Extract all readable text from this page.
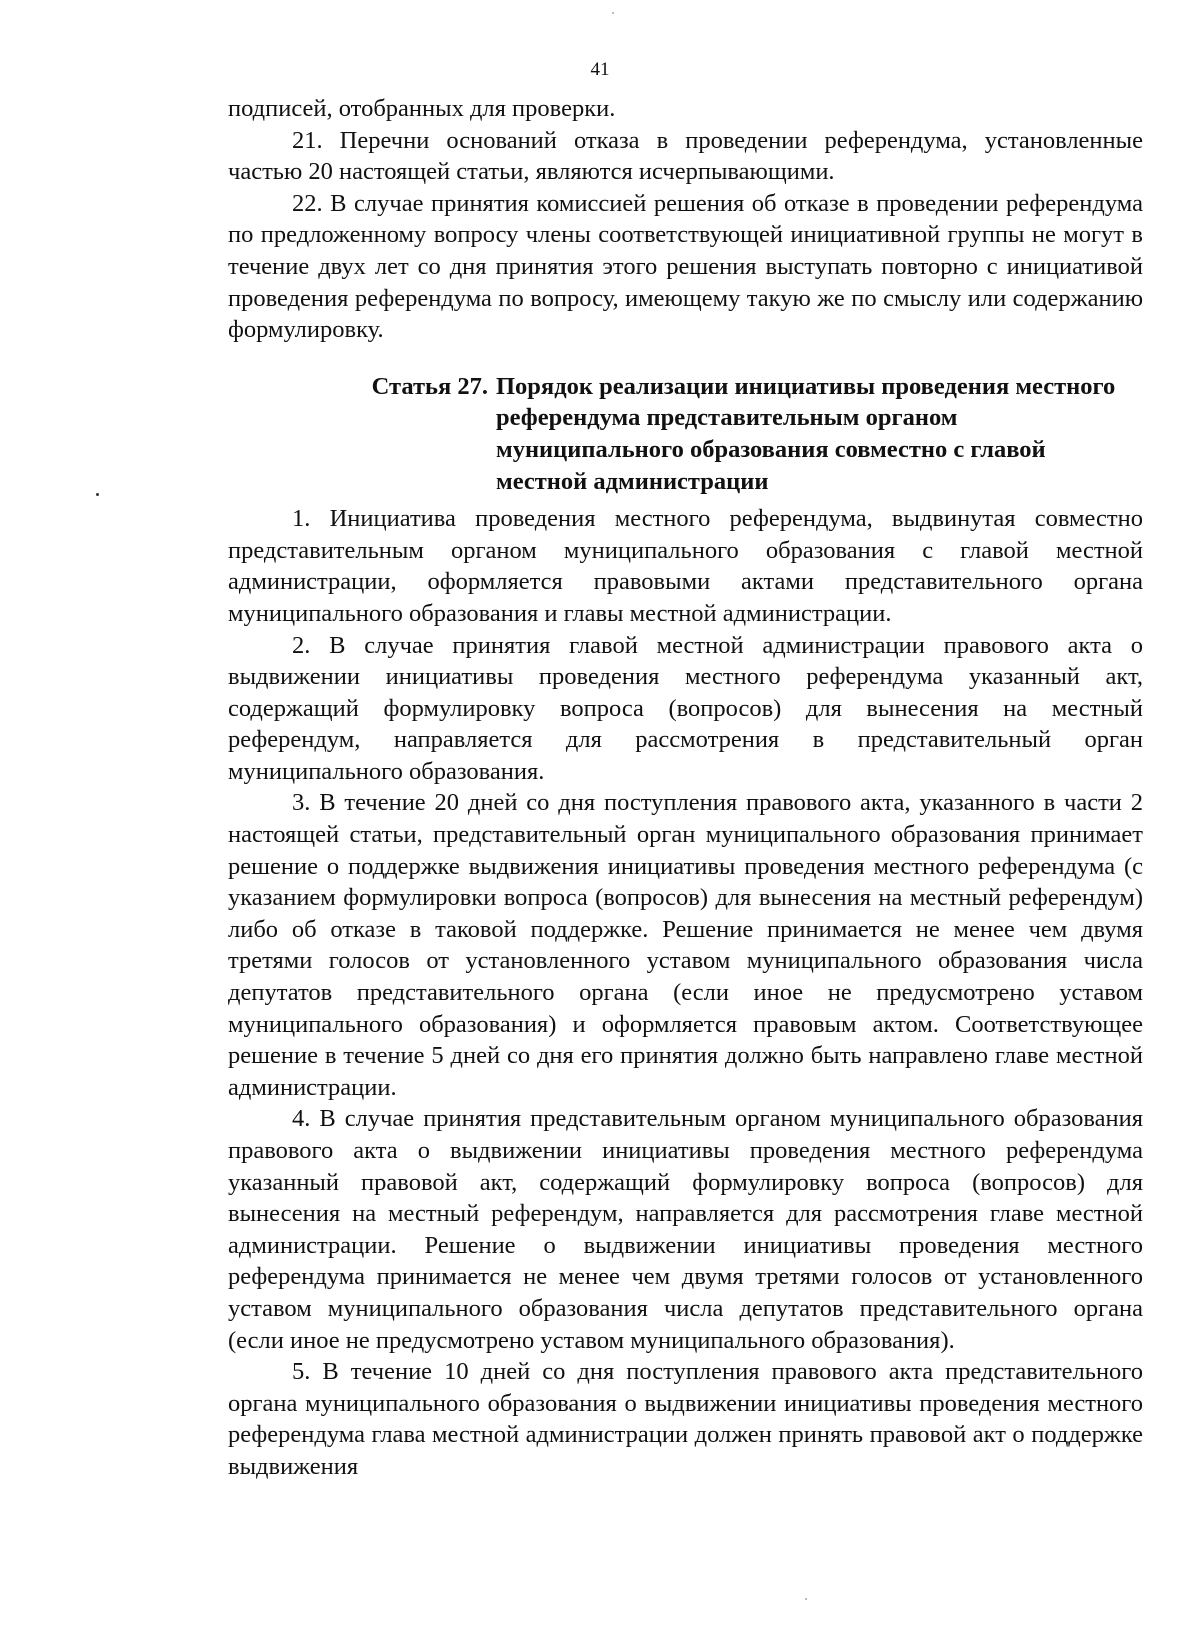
41

подписей, отобранных для проверки.

21. Перечни оснований отказа в проведении референдума, установленные частью 20 настоящей статьи, являются исчерпывающими.

22. В случае принятия комиссией решения об отказе в проведении референдума по предложенному вопросу члены соответствующей инициативной группы не могут в течение двух лет со дня принятия этого решения выступать повторно с инициативой проведения референдума по вопросу, имеющему такую же по смыслу или содержанию формулировку.

Статья 27. Порядок реализации инициативы проведения местного референдума представительным органом муниципального образования совместно с главой местной администрации

1. Инициатива проведения местного референдума, выдвинутая совместно представительным органом муниципального образования с главой местной администрации, оформляется правовыми актами представительного органа муниципального образования и главы местной администрации.

2. В случае принятия главой местной администрации правового акта о выдвижении инициативы проведения местного референдума указанный акт, содержащий формулировку вопроса (вопросов) для вынесения на местный референдум, направляется для рассмотрения в представительный орган муниципального образования.

3. В течение 20 дней со дня поступления правового акта, указанного в части 2 настоящей статьи, представительный орган муниципального образования принимает решение о поддержке выдвижения инициативы проведения местного референдума (с указанием формулировки вопроса (вопросов) для вынесения на местный референдум) либо об отказе в таковой поддержке. Решение принимается не менее чем двумя третями голосов от установленного уставом муниципального образования числа депутатов представительного органа (если иное не предусмотрено уставом муниципального образования) и оформляется правовым актом. Соответствующее решение в течение 5 дней со дня его принятия должно быть направлено главе местной администрации.

4. В случае принятия представительным органом муниципального образования правового акта о выдвижении инициативы проведения местного референдума указанный правовой акт, содержащий формулировку вопроса (вопросов) для вынесения на местный референдум, направляется для рассмотрения главе местной администрации. Решение о выдвижении инициативы проведения местного референдума принимается не менее чем двумя третями голосов от установленного уставом муниципального образования числа депутатов представительного органа (если иное не предусмотрено уставом муниципального образования).

5. В течение 10 дней со дня поступления правового акта представительного органа муниципального образования о выдвижении инициативы проведения местного референдума глава местной администрации должен принять правовой акт о поддержке выдвижения
